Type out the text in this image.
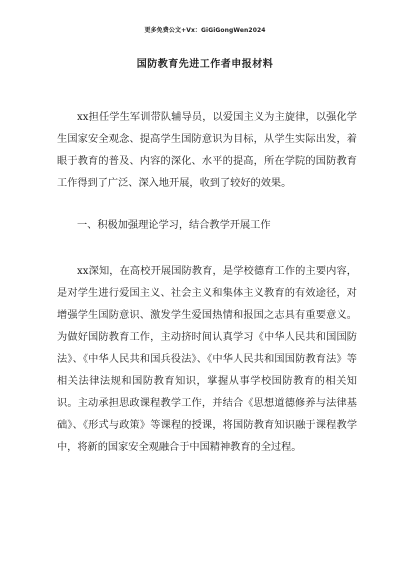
更多免费公文+Vx：GiGiGongWen2024
国防教育先进工作者申报材料

xx担任学生军训带队辅导员，以爱国主义为主旋律，以强化学生国家安全观念、提高学生国防意识为目标，从学生实际出发，着眼于教育的普及、内容的深化、水平的提高，所在学院的国防教育工作得到了广泛、深入地开展，收到了较好的效果。

一、积极加强理论学习，结合教学开展工作

xx深知，在高校开展国防教育，是学校德育工作的主要内容，是对学生进行爱国主义、社会主义和集体主义教育的有效途径，对增强学生国防意识、激发学生爱国热情和报国之志具有重要意义。为做好国防教育工作，主动挤时间认真学习《中华人民共和国国防法》、《中华人民共和国兵役法》、《中华人民共和国国防教育法》等相关法律法规和国防教育知识，掌握从事学校国防教育的相关知识。主动承担思政课程教学工作，并结合《思想道德修养与法律基础》、《形式与政策》等课程的授课，将国防教育知识融于课程教学中，将新的国家安全观融合于中国精神教育的全过程。
